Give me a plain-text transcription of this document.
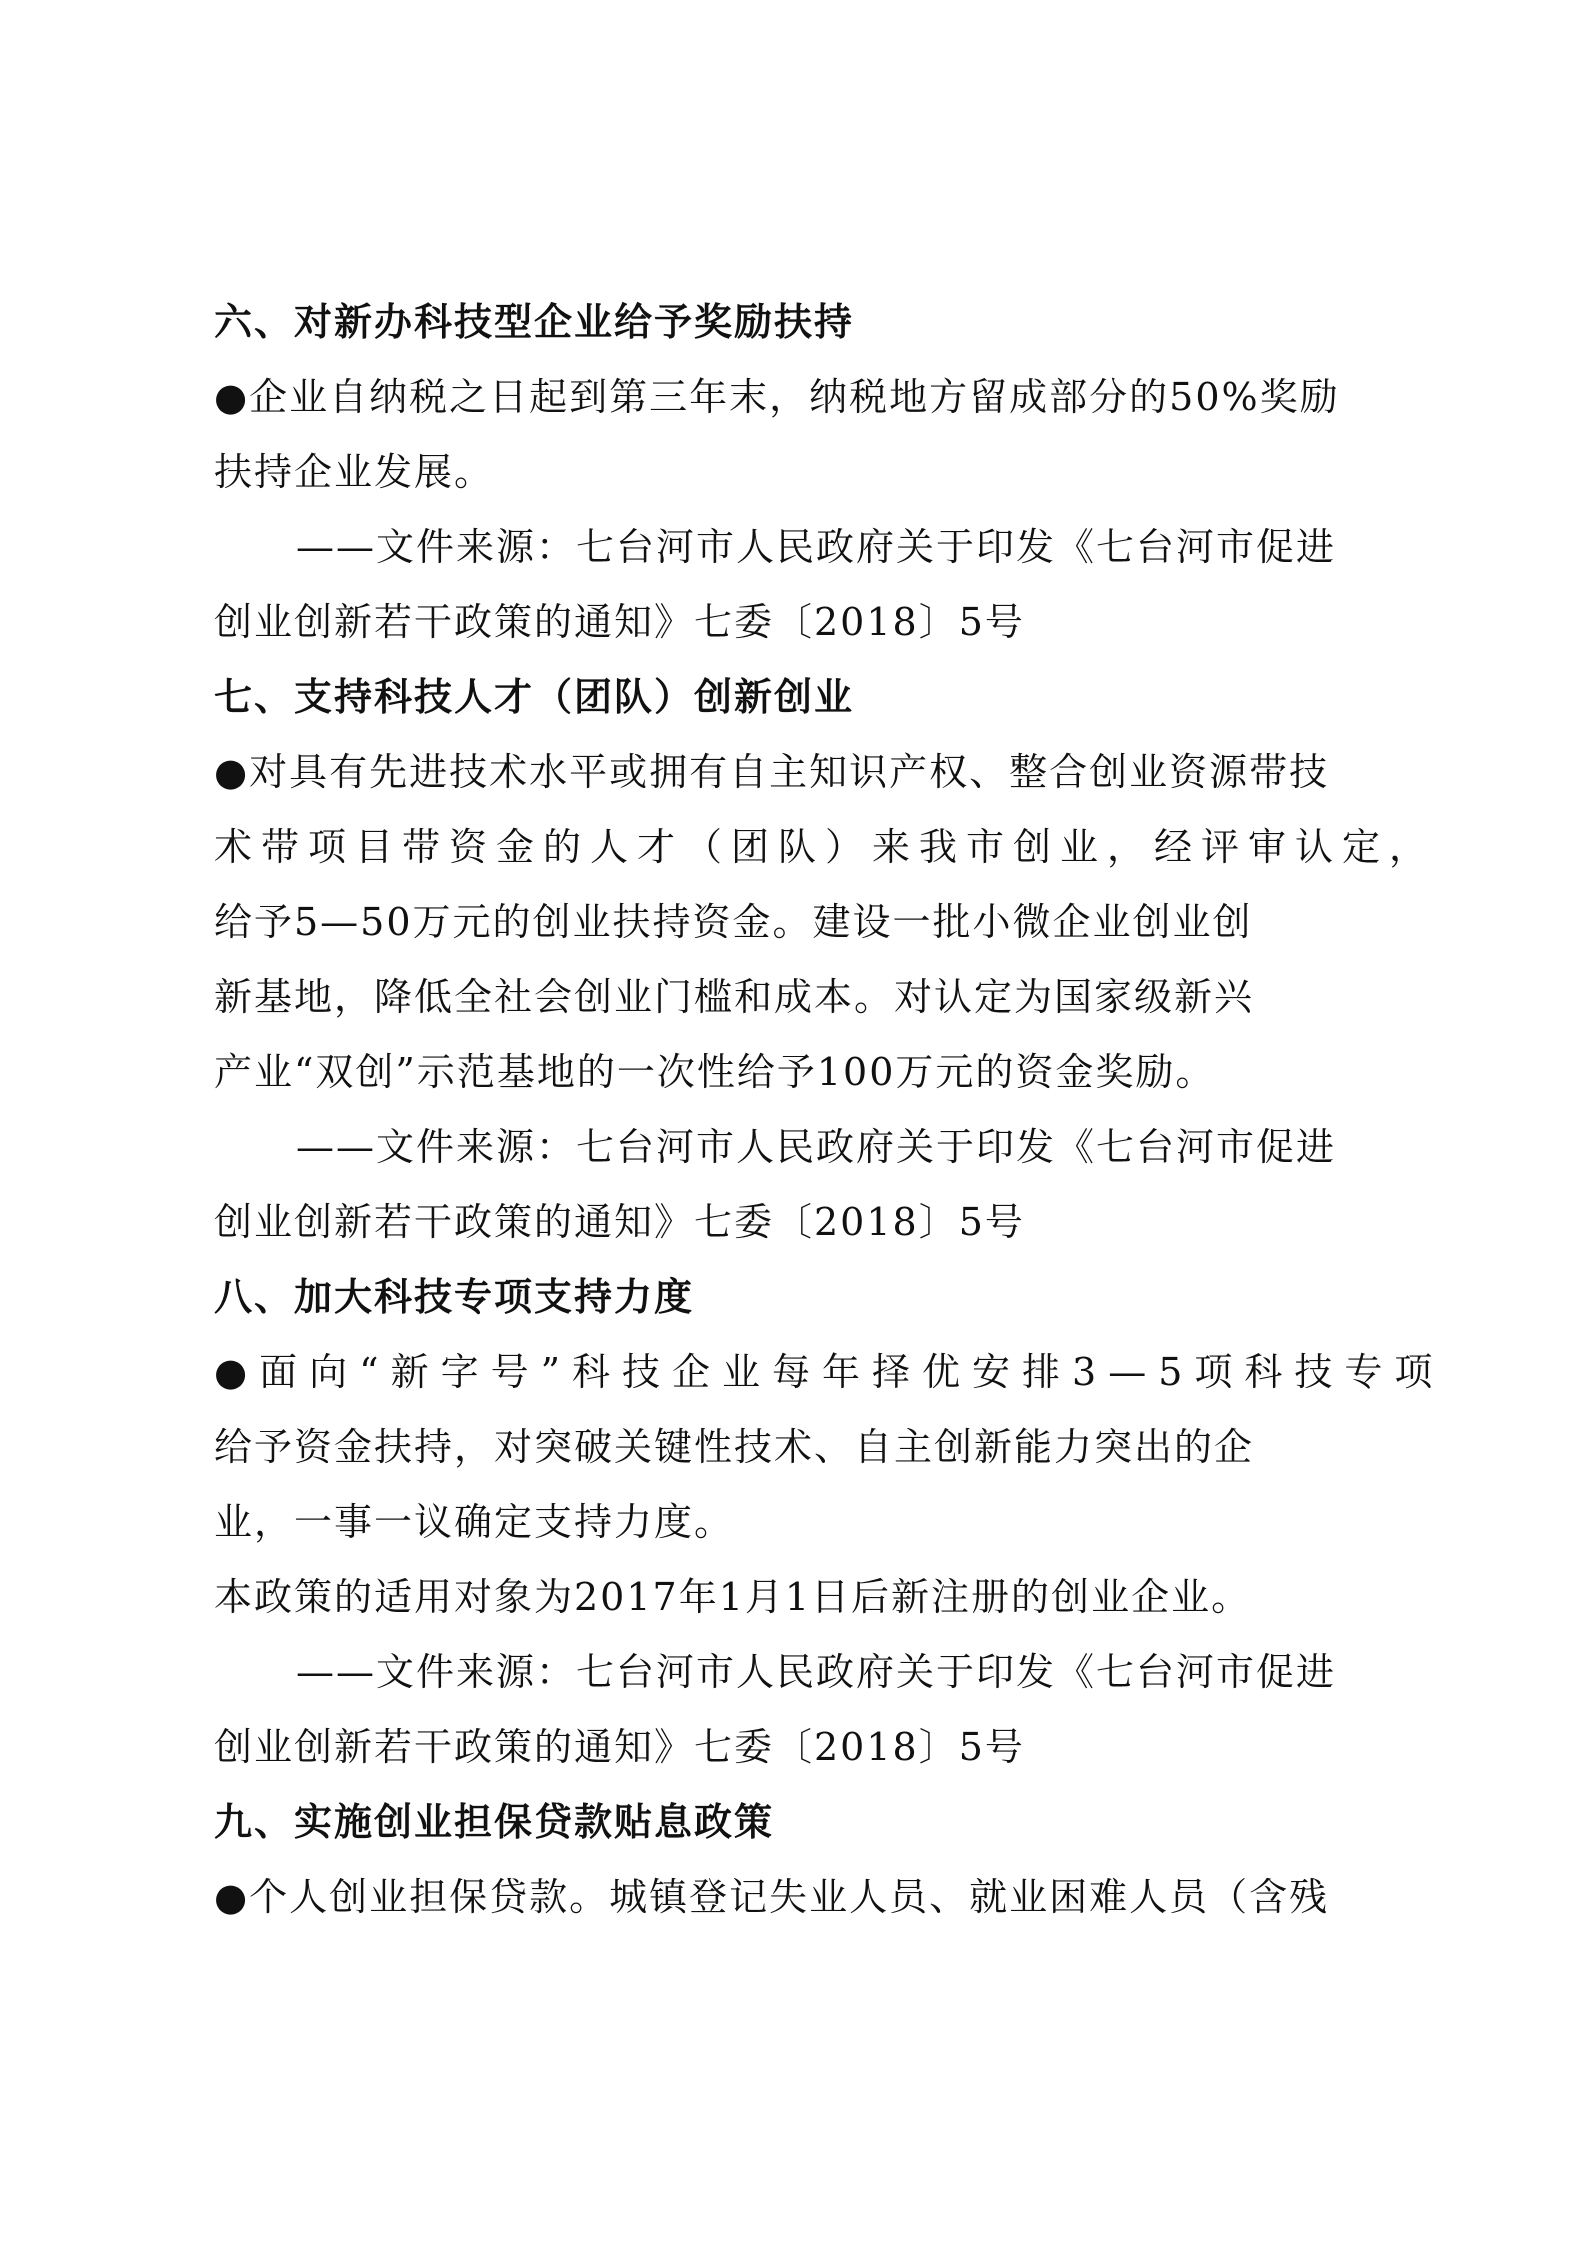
六、对新办科技型企业给予奖励扶持
●企业自纳税之日起到第三年末，纳税地方留成部分的50%奖励
扶持企业发展。
——文件来源：七台河市人民政府关于印发《七台河市促进
创业创新若干政策的通知》七委〔2018〕5号
七、支持科技人才（团队）创新创业
●对具有先进技术水平或拥有自主知识产权、整合创业资源带技
术带项目带资金的人才（团队）来我市创业，经评审认定，
给予5—50万元的创业扶持资金。建设一批小微企业创业创
新基地，降低全社会创业门槛和成本。对认定为国家级新兴
产业“双创”示范基地的一次性给予100万元的资金奖励。
——文件来源：七台河市人民政府关于印发《七台河市促进
创业创新若干政策的通知》七委〔2018〕5号
八、加大科技专项支持力度
●面向“新字号”科技企业每年择优安排3—5项科技专项
给予资金扶持，对突破关键性技术、自主创新能力突出的企
业，一事一议确定支持力度。
本政策的适用对象为2017年1月1日后新注册的创业企业。
——文件来源：七台河市人民政府关于印发《七台河市促进
创业创新若干政策的通知》七委〔2018〕5号
九、实施创业担保贷款贴息政策
●个人创业担保贷款。城镇登记失业人员、就业困难人员（含残
